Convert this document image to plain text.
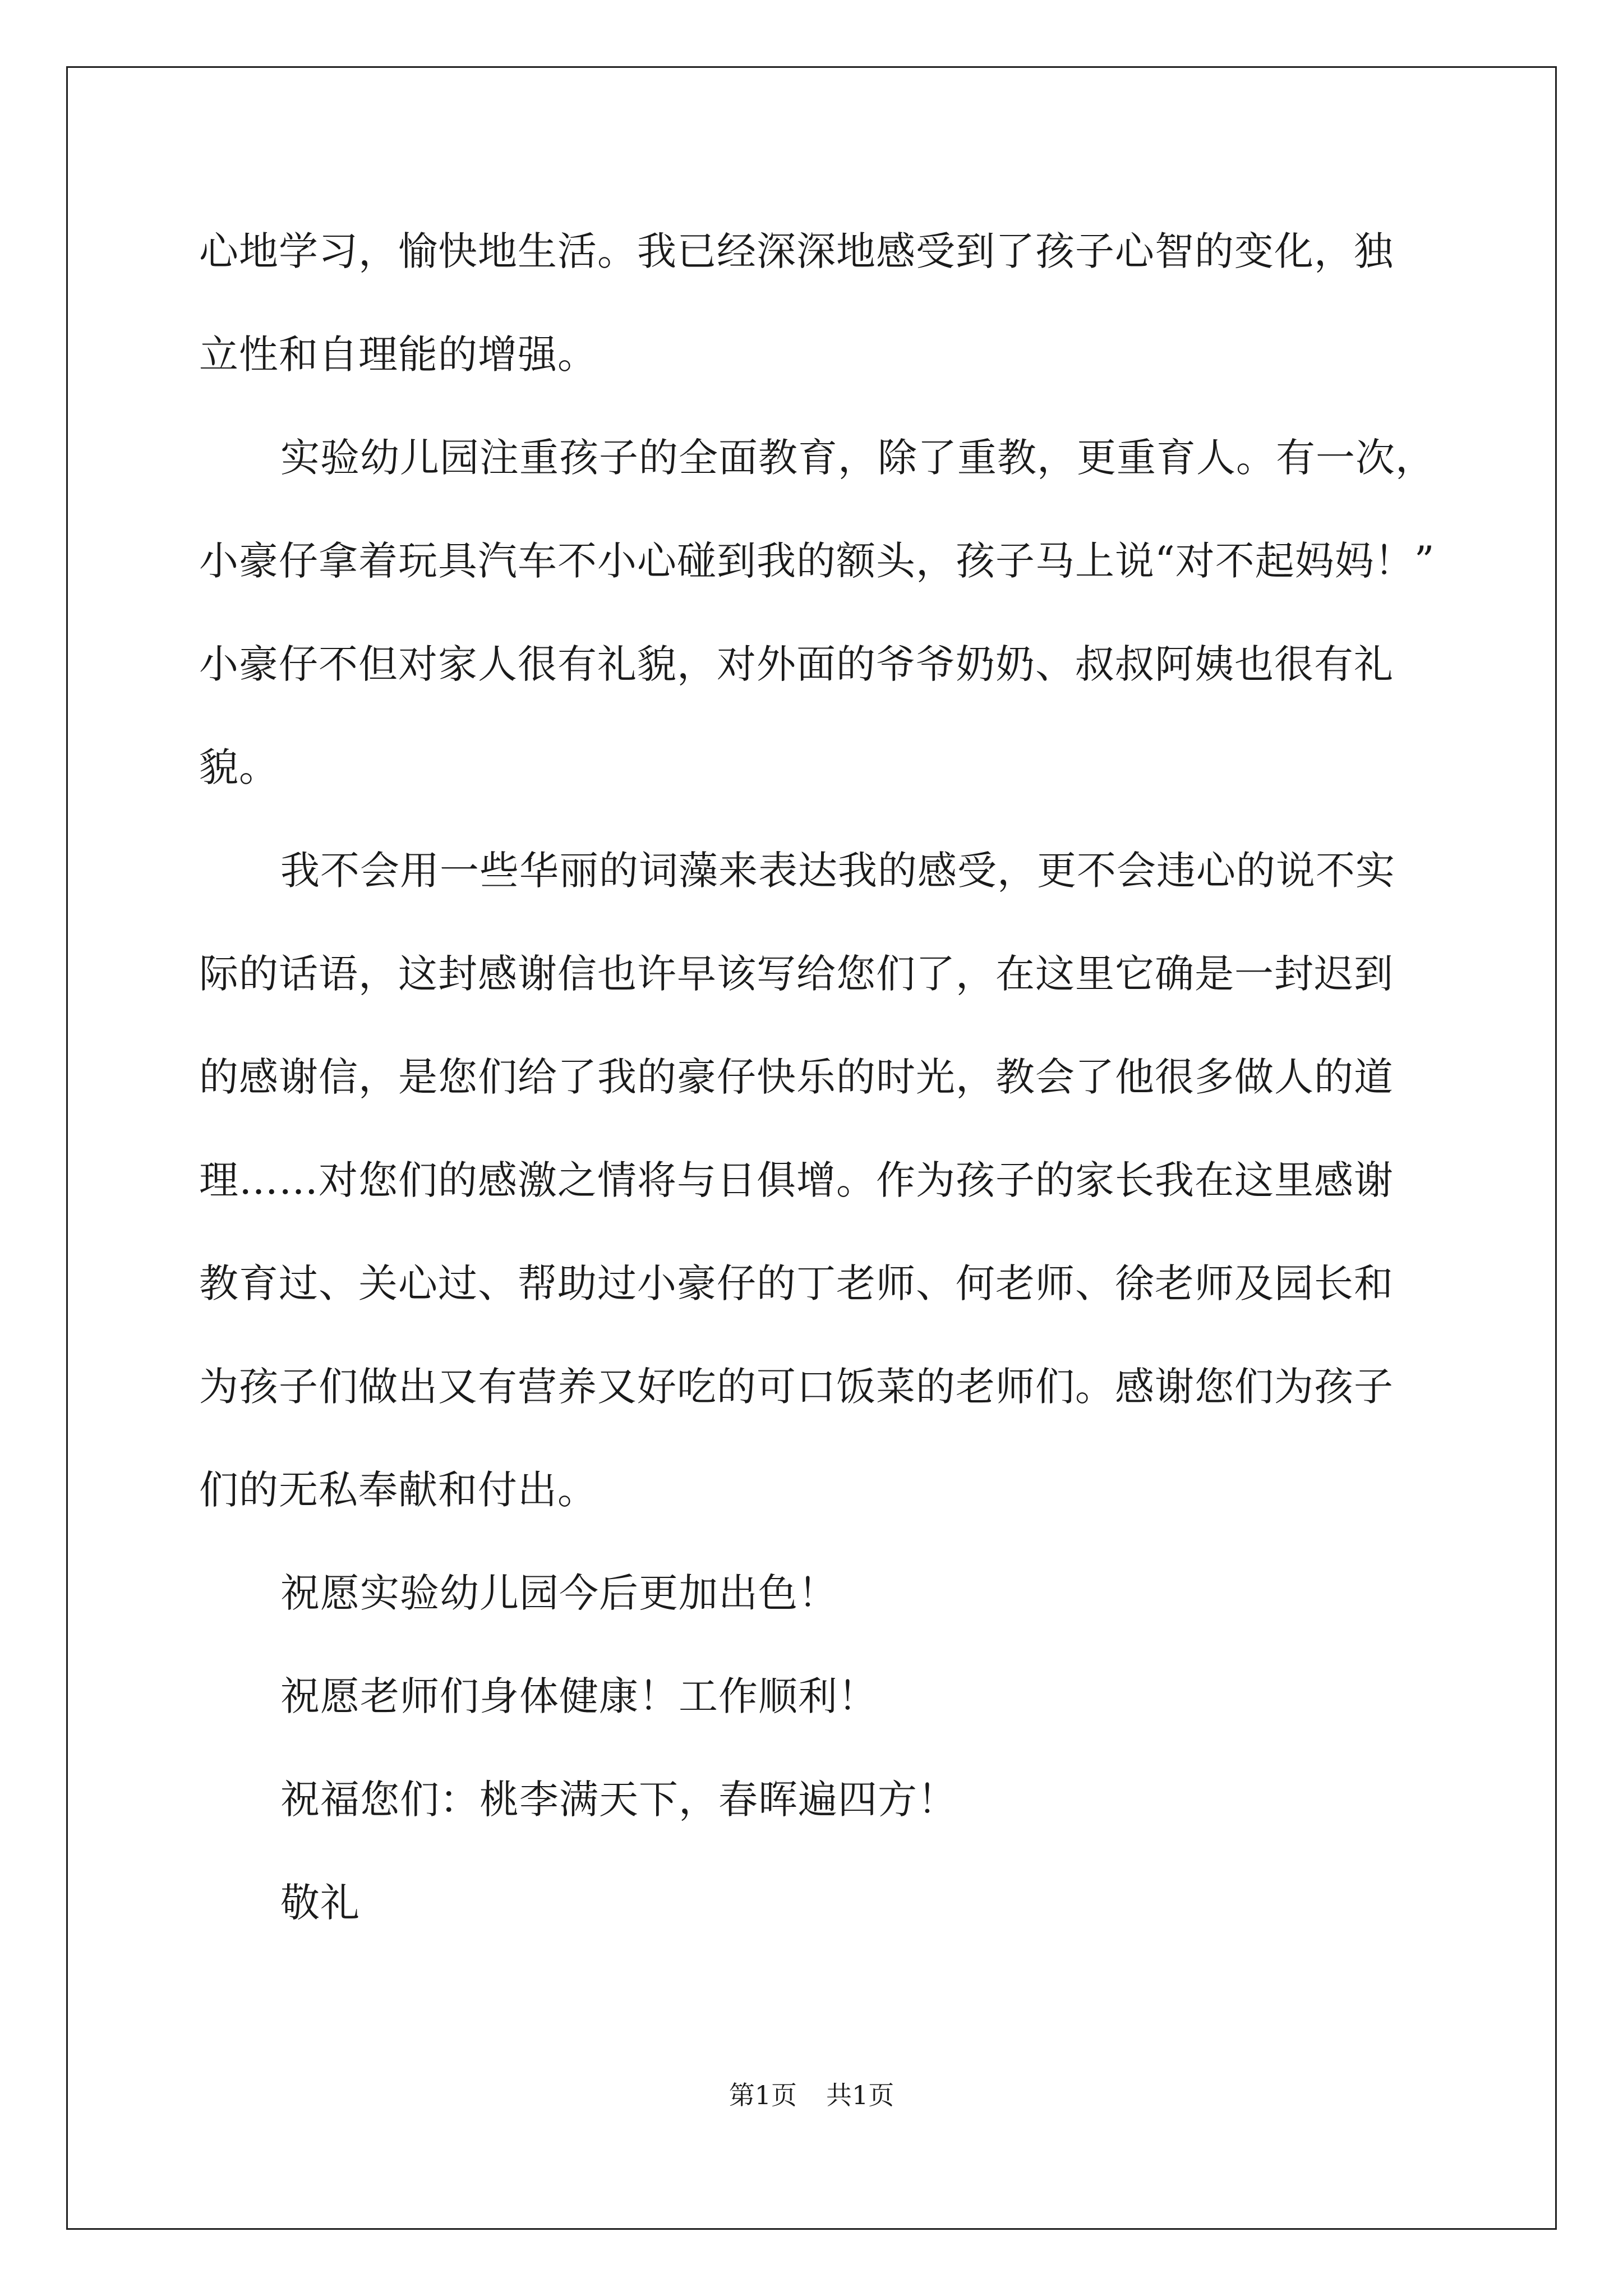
心地学习，愉快地生活。我已经深深地感受到了孩子心智的变化，独
立性和自理能的增强。
实验幼儿园注重孩子的全面教育，除了重教，更重育人。有一次，
小豪仔拿着玩具汽车不小心碰到我的额头，孩子马上说“对不起妈妈！”
小豪仔不但对家人很有礼貌，对外面的爷爷奶奶、叔叔阿姨也很有礼
貌。
我不会用一些华丽的词藻来表达我的感受，更不会违心的说不实
际的话语，这封感谢信也许早该写给您们了，在这里它确是一封迟到
的感谢信，是您们给了我的豪仔快乐的时光，教会了他很多做人的道
理……对您们的感激之情将与日俱增。作为孩子的家长我在这里感谢
教育过、关心过、帮助过小豪仔的丁老师、何老师、徐老师及园长和
为孩子们做出又有营养又好吃的可口饭菜的老师们。感谢您们为孩子
们的无私奉献和付出。
祝愿实验幼儿园今后更加出色！
祝愿老师们身体健康！工作顺利！
祝福您们：桃李满天下，春晖遍四方！
敬礼
第1页 共1页
